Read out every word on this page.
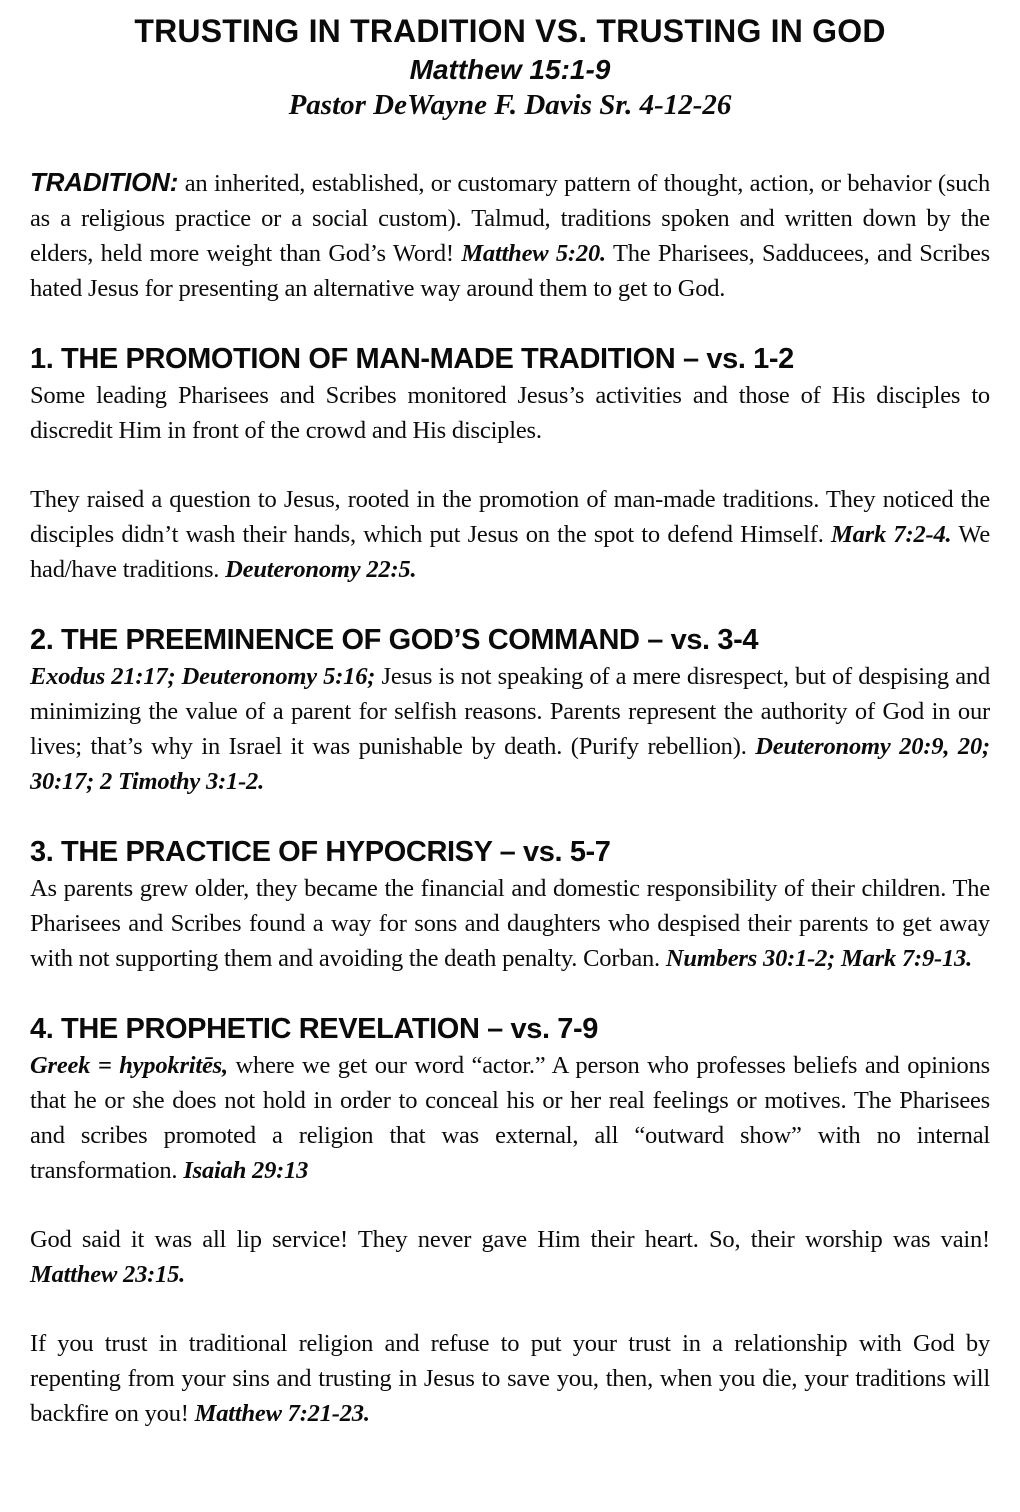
TRUSTING IN TRADITION VS. TRUSTING IN GOD
Matthew 15:1-9
Pastor DeWayne F. Davis Sr. 4-12-26

TRADITION: an inherited, established, or customary pattern of thought, action, or behavior (such as a religious practice or a social custom). Talmud, traditions spoken and written down by the elders, held more weight than God’s Word! Matthew 5:20. The Pharisees, Sadducees, and Scribes hated Jesus for presenting an alternative way around them to get to God.

1. THE PROMOTION OF MAN-MADE TRADITION – vs. 1-2

Some leading Pharisees and Scribes monitored Jesus’s activities and those of His disciples to discredit Him in front of the crowd and His disciples.

They raised a question to Jesus, rooted in the promotion of man-made traditions. They noticed the disciples didn’t wash their hands, which put Jesus on the spot to defend Himself. Mark 7:2-4. We had/have traditions. Deuteronomy 22:5.

2. THE PREEMINENCE OF GOD’S COMMAND – vs. 3-4

Exodus 21:17; Deuteronomy 5:16; Jesus is not speaking of a mere disrespect, but of despising and minimizing the value of a parent for selfish reasons. Parents represent the authority of God in our lives; that’s why in Israel it was punishable by death. (Purify rebellion). Deuteronomy 20:9, 20; 30:17; 2 Timothy 3:1-2.

3. THE PRACTICE OF HYPOCRISY – vs. 5-7

As parents grew older, they became the financial and domestic responsibility of their children. The Pharisees and Scribes found a way for sons and daughters who despised their parents to get away with not supporting them and avoiding the death penalty. Corban. Numbers 30:1-2; Mark 7:9-13.

4. THE PROPHETIC REVELATION – vs. 7-9

Greek = hypokritēs, where we get our word “actor.” A person who professes beliefs and opinions that he or she does not hold in order to conceal his or her real feelings or motives. The Pharisees and scribes promoted a religion that was external, all “outward show” with no internal transformation. Isaiah 29:13

God said it was all lip service! They never gave Him their heart. So, their worship was vain! Matthew 23:15.

If you trust in traditional religion and refuse to put your trust in a relationship with God by repenting from your sins and trusting in Jesus to save you, then, when you die, your traditions will backfire on you! Matthew 7:21-23.
